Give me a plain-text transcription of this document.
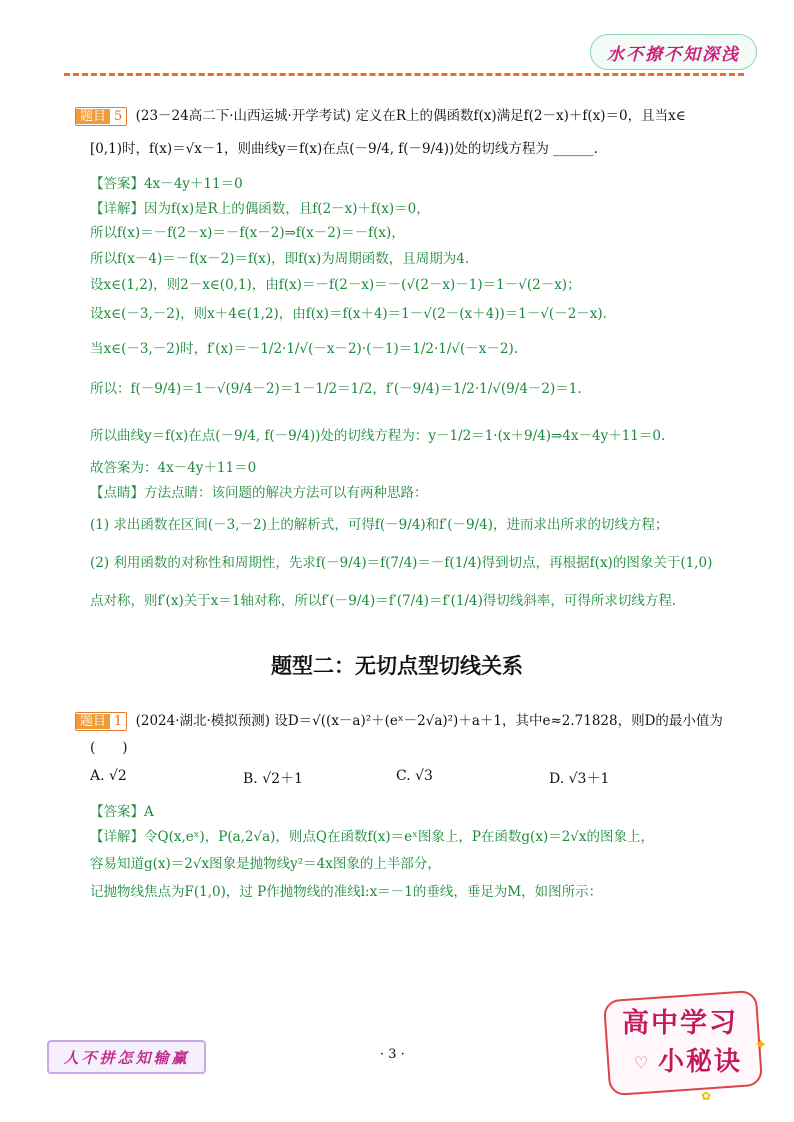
水不撩不知深浅
题目 5 (23－24高二下·山西运城·开学考试) 定义在R上的偶函数f(x)满足f(2－x)＋f(x)＝0，且当x∈
[0,1)时，f(x)＝√x－1，则曲线y＝f(x)在点(－9/4, f(－9/4))处的切线方程为 ______.
【答案】4x－4y＋11＝0
【详解】因为f(x)是R上的偶函数，且f(2－x)＋f(x)＝0，
所以f(x)＝－f(2－x)＝－f(x－2)⇒f(x－2)＝－f(x)，
所以f(x－4)＝－f(x－2)＝f(x)，即f(x)为周期函数，且周期为4.
设x∈(1,2)，则2－x∈(0,1)，由f(x)＝－f(2－x)＝－(√(2－x)－1)＝1－√(2－x)；
设x∈(－3,－2)，则x＋4∈(1,2)，由f(x)＝f(x＋4)＝1－√(2－(x＋4))＝1－√(－2－x).
当x∈(－3,－2)时，f′(x)＝－1/2·1/√(－x－2)·(－1)＝1/2·1/√(－x－2).
所以：f(－9/4)＝1－√(9/4－2)＝1－1/2＝1/2，f′(－9/4)＝1/2·1/√(9/4－2)＝1.
所以曲线y＝f(x)在点(－9/4, f(－9/4))处的切线方程为：y－1/2＝1·(x＋9/4)⇒4x－4y＋11＝0.
故答案为：4x－4y＋11＝0
【点睛】方法点睛：该问题的解决方法可以有两种思路：
(1) 求出函数在区间(－3,－2)上的解析式，可得f(－9/4)和f′(－9/4)，进而求出所求的切线方程；
(2) 利用函数的对称性和周期性，先求f(－9/4)＝f(7/4)＝－f(1/4)得到切点，再根据f(x)的图象关于(1,0)
点对称，则f′(x)关于x＝1轴对称，所以f′(－9/4)＝f′(7/4)＝f′(1/4)得切线斜率，可得所求切线方程.
题型二：无切点型切线关系
题目 1 (2024·湖北·模拟预测) 设D＝√((x－a)²＋(eˣ－2√a)²)＋a＋1，其中e≈2.71828，则D的最小值为
(　　)
A. √2	B. √2＋1	C. √3	D. √3＋1
【答案】A
【详解】令Q(x,eˣ)，P(a,2√a)，则点Q在函数f(x)＝eˣ图象上，P在函数g(x)＝2√x的图象上，
容易知道g(x)＝2√x图象是抛物线y²＝4x图象的上半部分，
记抛物线焦点为F(1,0)，过 P作抛物线的准线l:x＝－1的垂线，垂足为M，如图所示：
人不拼怎知输赢	· 3 ·
高中学习
小秘诀
✦
♡
✿
